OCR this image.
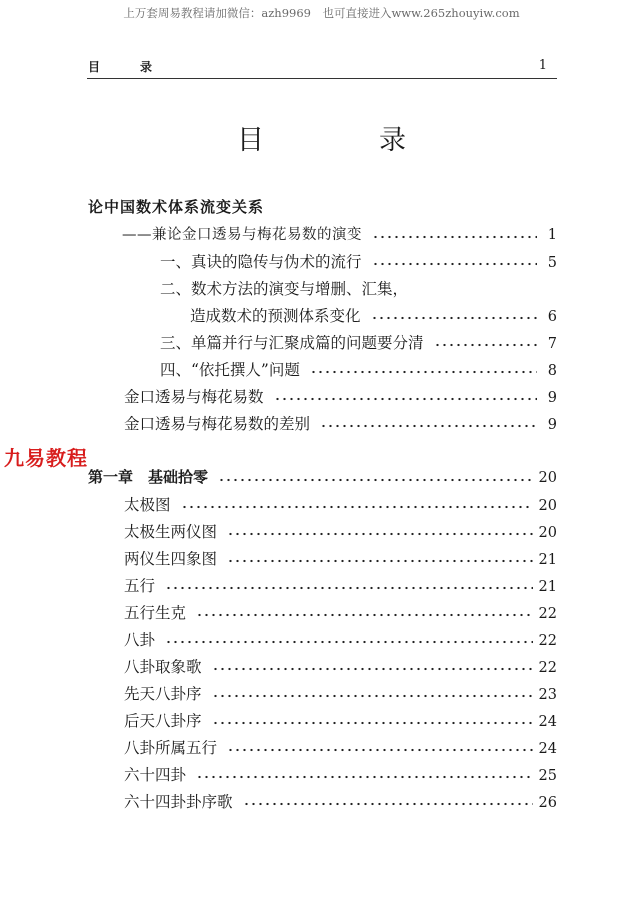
上万套周易教程请加微信：azh9969　也可直接进入www.265zhouyiw.com
目　录	1
目　录
论中国数术体系流变关系
——兼论金口透易与梅花易数的演变	1
一、真诀的隐传与伪术的流行	5
二、数术方法的演变与增删、汇集，
造成数术的预测体系变化	6
三、单篇并行与汇聚成篇的问题要分清	7
四、“依托撰人”问题	8
金口透易与梅花易数	9
金口透易与梅花易数的差别	9
九易教程
第一章　基础拾零	20
太极图	20
太极生两仪图	20
两仪生四象图	21
五行	21
五行生克	22
八卦	22
八卦取象歌	22
先天八卦序	23
后天八卦序	24
八卦所属五行	24
六十四卦	25
六十四卦卦序歌	26
